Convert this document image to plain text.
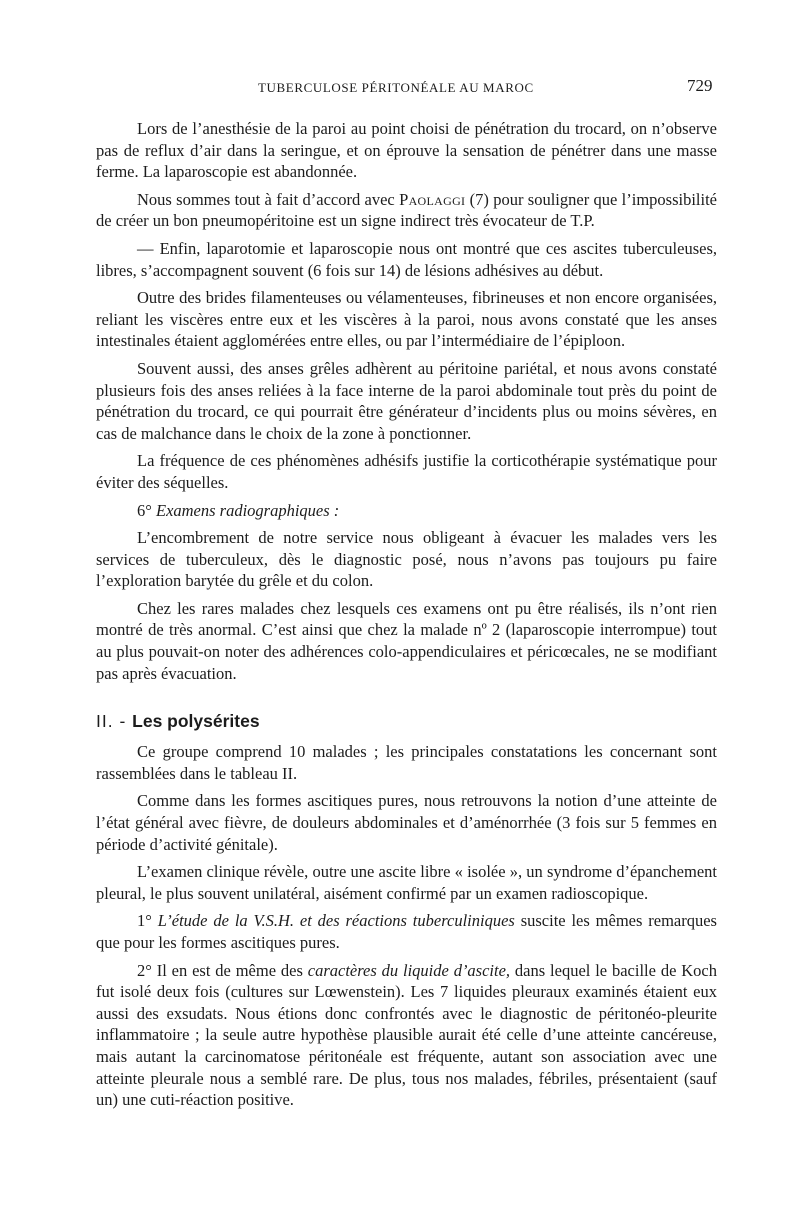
TUBERCULOSE PÉRITONÉALE AU MAROC	729

Lors de l’anesthésie de la paroi au point choisi de pénétration du trocard, on n’observe pas de reflux d’air dans la seringue, et on éprouve la sensation de pénétrer dans une masse ferme. La laparoscopie est abandonnée.

Nous sommes tout à fait d’accord avec Paolaggi (7) pour souligner que l’impossibilité de créer un bon pneumopéritoine est un signe indirect très évocateur de T.P.

— Enfin, laparotomie et laparoscopie nous ont montré que ces ascites tuberculeuses, libres, s’accompagnent souvent (6 fois sur 14) de lésions adhésives au début.

Outre des brides filamenteuses ou vélamenteuses, fibrineuses et non encore organisées, reliant les viscères entre eux et les viscères à la paroi, nous avons constaté que les anses intestinales étaient agglomérées entre elles, ou par l’intermédiaire de l’épiploon.

Souvent aussi, des anses grêles adhèrent au péritoine pariétal, et nous avons constaté plusieurs fois des anses reliées à la face interne de la paroi abdominale tout près du point de pénétration du trocard, ce qui pourrait être générateur d’incidents plus ou moins sévères, en cas de malchance dans le choix de la zone à ponctionner.

La fréquence de ces phénomènes adhésifs justifie la corticothérapie systématique pour éviter des séquelles.

6° Examens radiographiques :

L’encombrement de notre service nous obligeant à évacuer les malades vers les services de tuberculeux, dès le diagnostic posé, nous n’avons pas toujours pu faire l’exploration barytée du grêle et du colon.

Chez les rares malades chez lesquels ces examens ont pu être réalisés, ils n’ont rien montré de très anormal. C’est ainsi que chez la malade nº 2 (laparoscopie interrompue) tout au plus pouvait-on noter des adhérences colo-appendiculaires et péricœcales, ne se modifiant pas après évacuation.

II. - Les polysérites

Ce groupe comprend 10 malades ; les principales constatations les concernant sont rassemblées dans le tableau II.

Comme dans les formes ascitiques pures, nous retrouvons la notion d’une atteinte de l’état général avec fièvre, de douleurs abdominales et d’aménorrhée (3 fois sur 5 femmes en période d’activité génitale).

L’examen clinique révèle, outre une ascite libre « isolée », un syndrome d’épanchement pleural, le plus souvent unilatéral, aisément confirmé par un examen radioscopique.

1° L’étude de la V.S.H. et des réactions tuberculiniques suscite les mêmes remarques que pour les formes ascitiques pures.

2° Il en est de même des caractères du liquide d’ascite, dans lequel le bacille de Koch fut isolé deux fois (cultures sur Lœwenstein). Les 7 liquides pleuraux examinés étaient eux aussi des exsudats. Nous étions donc confrontés avec le diagnostic de péritonéo-pleurite inflammatoire ; la seule autre hypothèse plausible aurait été celle d’une atteinte cancéreuse, mais autant la carcinomatose péritonéale est fréquente, autant son association avec une atteinte pleurale nous a semblé rare. De plus, tous nos malades, fébriles, présentaient (sauf un) une cuti-réaction positive.
